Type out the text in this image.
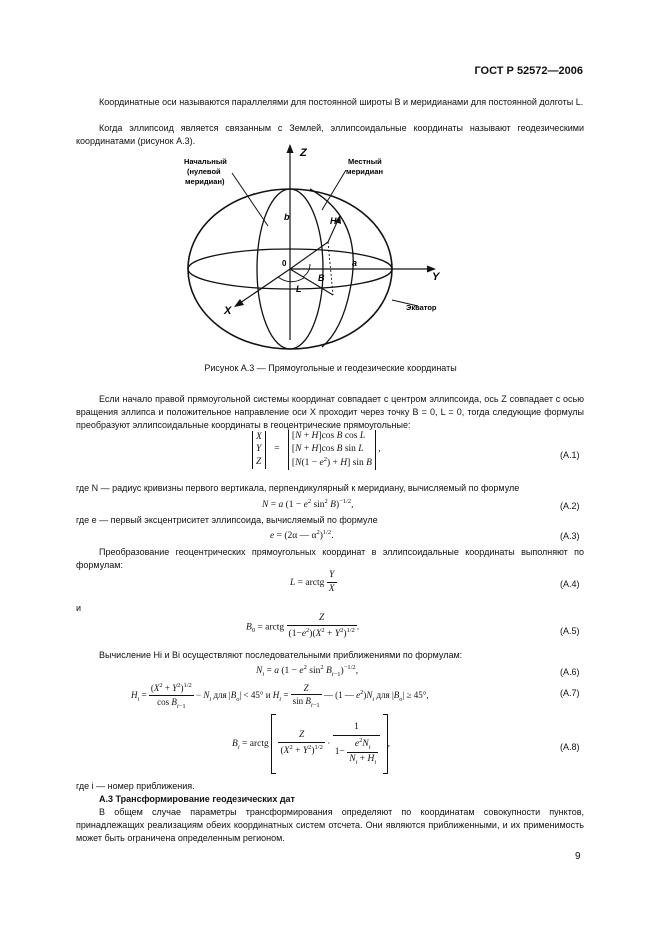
ГОСТ Р 52572—2006

Координатные оси называются параллелями для постоянной широты B и меридианами для постоянной долготы L.

Когда эллипсоид является связанным с Землей, эллипсоидальные координаты называют геодезическими координатами (рисунок А.3).

Z
Y
X
b
a
0
B
L
H
Начальный
(нулевой
меридиан)
Местный
меридиан
Экватор
Рисунок А.3 — Прямоугольные и геодезические координаты

Если начало правой прямоугольной системы координат совпадает с центром эллипсоида, ось Z совпадает с осью вращения эллипса и положительное направление оси X проходит через точку B = 0, L = 0, тогда следующие формулы преобразуют эллипсоидальные координаты в геоцентрические прямоугольные:

X
Y
Z = [N + H]cos B cos L
[N + H]cos B sin L
$[N(1 - e^2) + H]$ sin B ,
(А.1)

где N — радиус кривизны первого вертикала, перпендикулярный к меридиану, вычисляемый по формуле

N = a ($1 - e^2$ $\sin^2 B)^{-1/2}$,	(А.2)

где e — первый эксцентриситет эллипсоида, вычисляемый по формуле

e = (2α — $\alpha^2)^{1/2}$.	(А.3)

Преобразование геоцентрических прямоугольных координат в эллипсоидальные координаты выполняют по формулам:

L = arctg $\frac{Y}{X}$	(А.4)
и
$B_0$ = arctg $\frac{Z}{(1-e^2)(X^2 + Y^2)^{1/2}}$ .	(А.5)

Вычисление Hi и Bi осуществляют последовательными приближениями по формулам:

$N_i = a$ ($1 - e^2$ $\sin^2 B_{i-1})^{-1/2}$,	(А.6)
$H_i = \frac{(X^2 + Y^2)^{1/2}}{\cos B_{i-1}} - N_i$ для $|B_o| < 45^\circ$ и $H_i = \frac{Z}{\sin B_{i-1}}$ — (1 — $e^2)N_i$ для $|B_o| \ge 45^\circ$,	(А.7)
$B_i$ = arctg $\frac{Z}{(X^2 + Y^2)^{1/2}} \cdot \frac{1}{1- \frac{e^2N_i}{N_i + H_i}}$ ,	(А.8)

где i — номер приближения.

А.3 Трансформирование геодезических дат

В общем случае параметры трансформирования определяют по координатам совокупности пунктов, принадлежащих реализациям обеих координатных систем отсчета. Они являются приближенными, и их применимость может быть ограничена определенным регионом.

9
